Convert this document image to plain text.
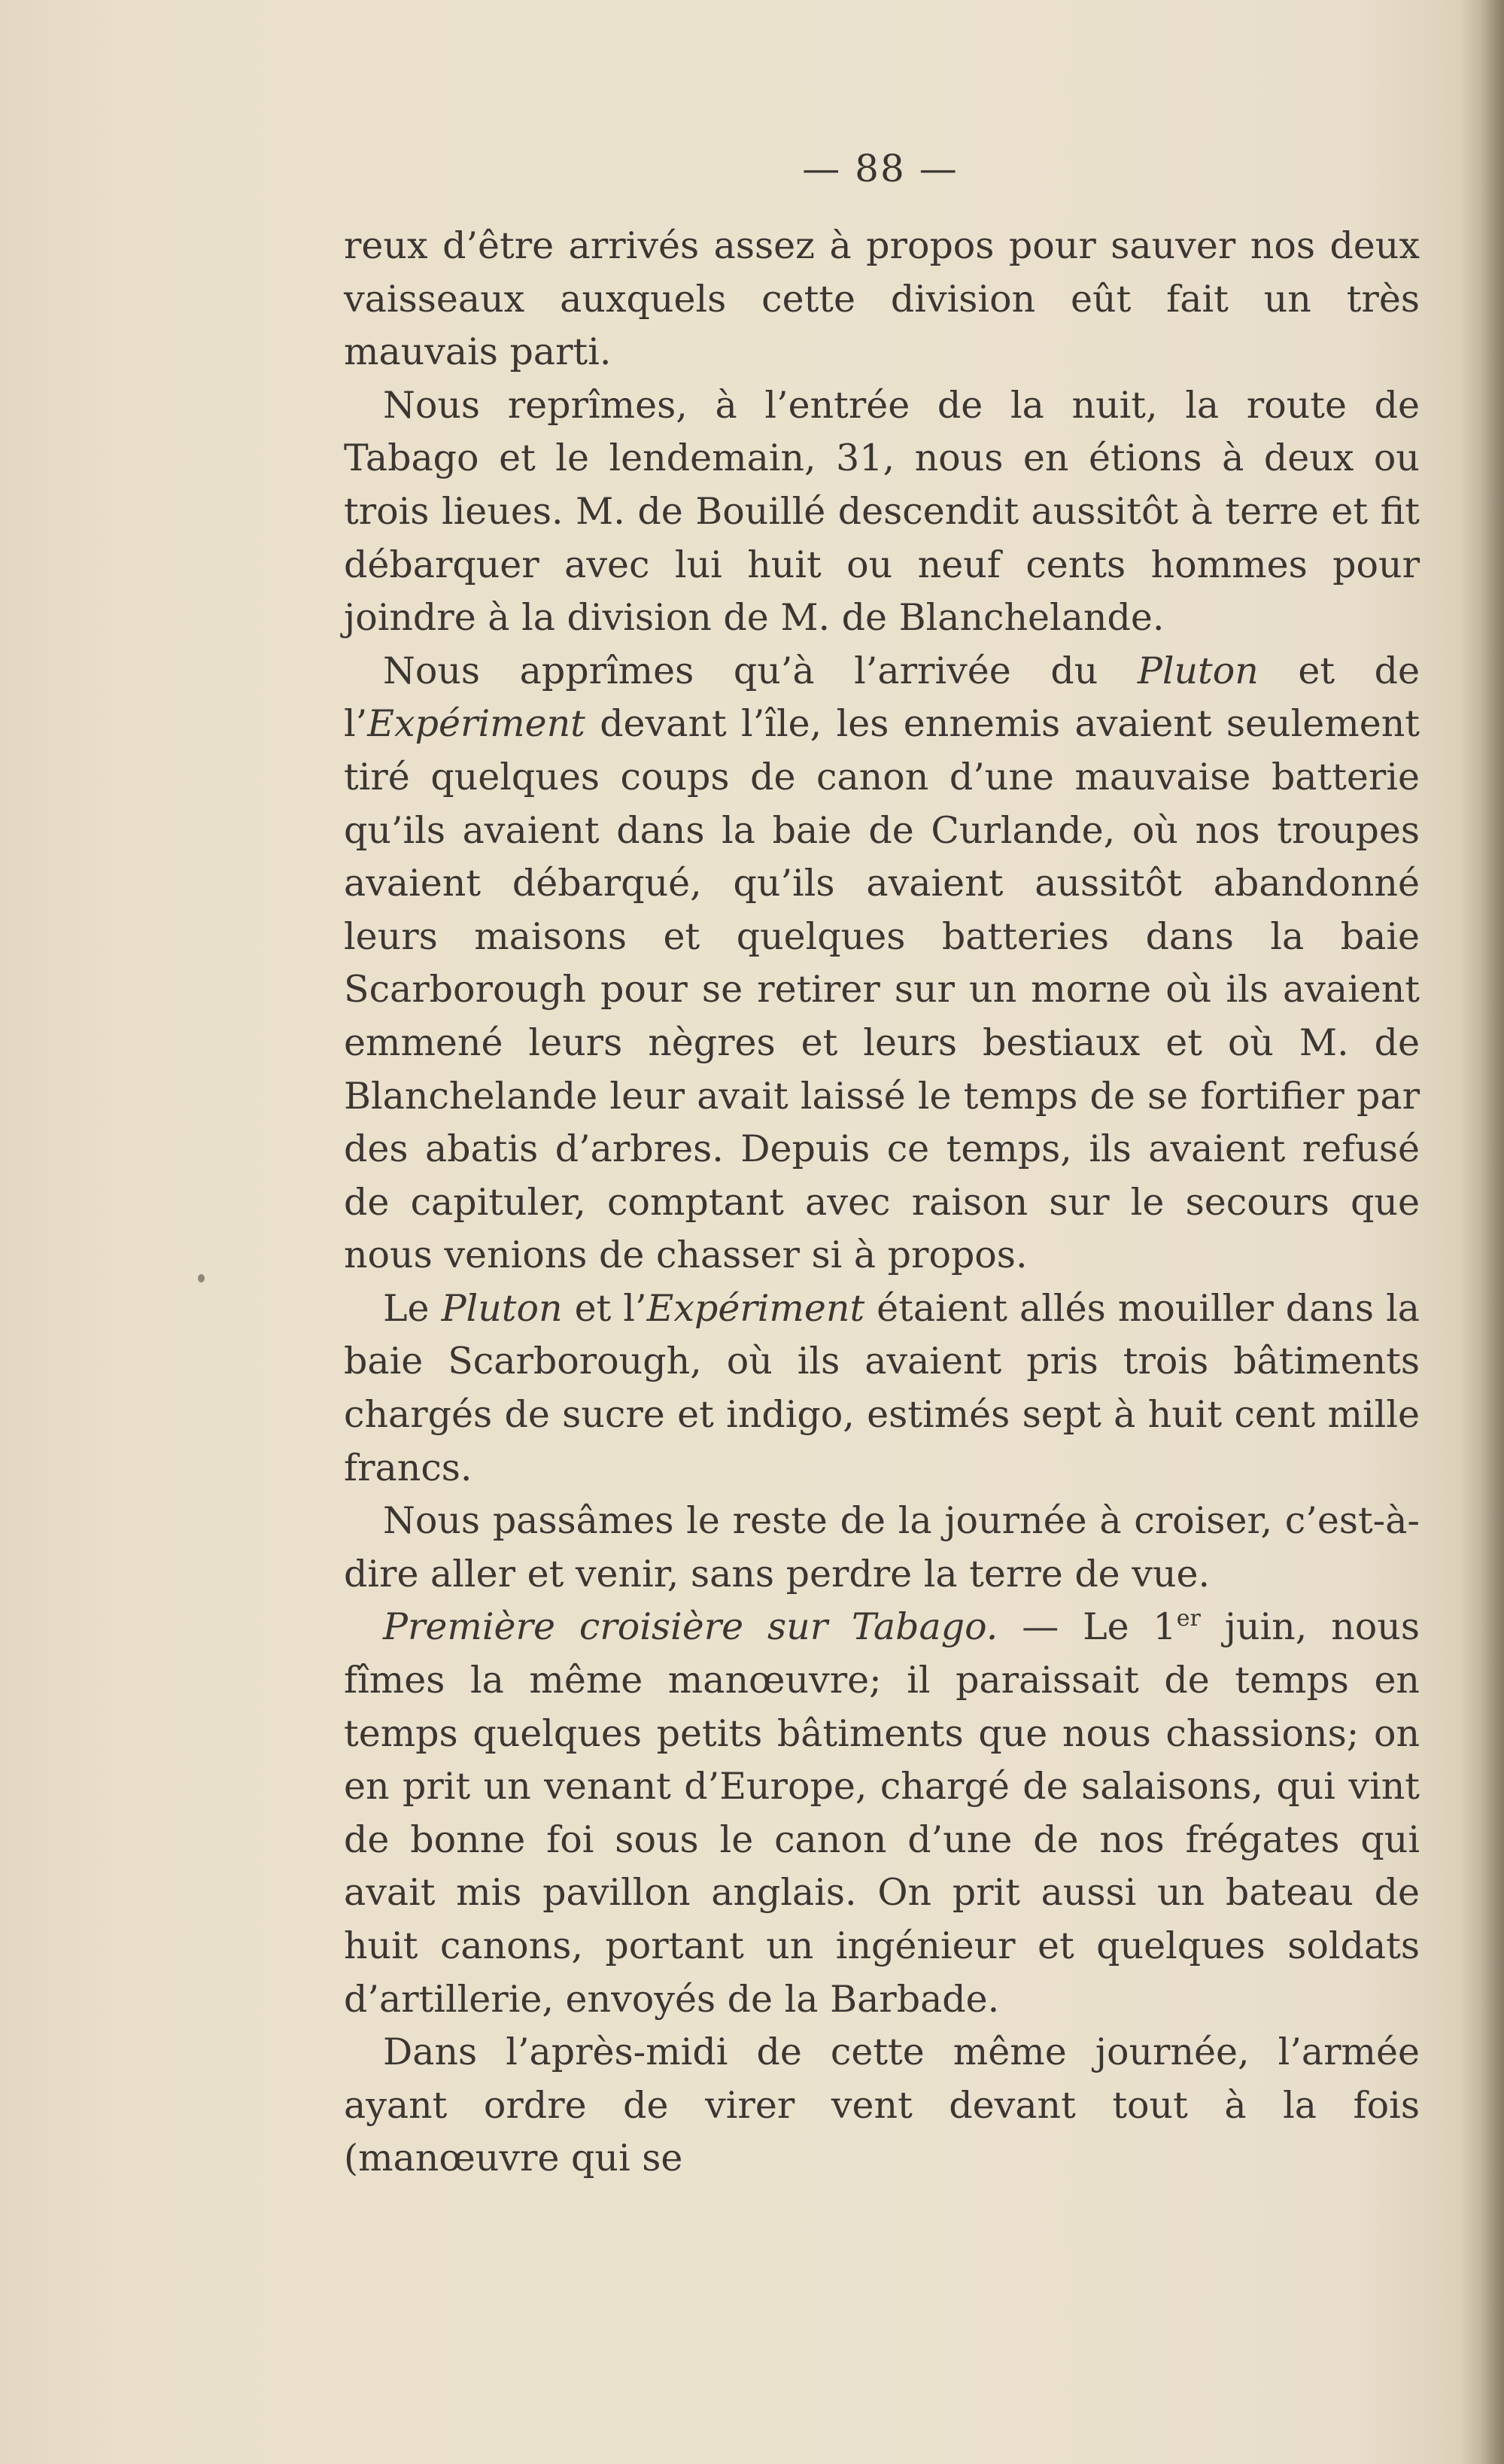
— 88 —

reux d’être arrivés assez à propos pour sauver nos deux vaisseaux auxquels cette division eût fait un très mauvais parti.

Nous reprîmes, à l’entrée de la nuit, la route de Tabago et le lendemain, 31, nous en étions à deux ou trois lieues. M. de Bouillé descendit aussitôt à terre et fit débarquer avec lui huit ou neuf cents hommes pour joindre à la division de M. de Blanchelande.

Nous apprîmes qu’à l’arrivée du Pluton et de l’Expériment devant l’île, les ennemis avaient seulement tiré quelques coups de canon d’une mauvaise batterie qu’ils avaient dans la baie de Curlande, où nos troupes avaient débarqué, qu’ils avaient aussitôt abandonné leurs maisons et quelques batteries dans la baie Scarborough pour se retirer sur un morne où ils avaient emmené leurs nègres et leurs bestiaux et où M. de Blanchelande leur avait laissé le temps de se fortifier par des abatis d’arbres. Depuis ce temps, ils avaient refusé de capituler, comptant avec raison sur le secours que nous venions de chasser si à propos.

Le Pluton et l’Expériment étaient allés mouiller dans la baie Scarborough, où ils avaient pris trois bâtiments chargés de sucre et indigo, estimés sept à huit cent mille francs.

Nous passâmes le reste de la journée à croiser, c’est-à-dire aller et venir, sans perdre la terre de vue.

Première croisière sur Tabago. — Le 1er juin, nous fîmes la même manœuvre; il paraissait de temps en temps quelques petits bâtiments que nous chassions; on en prit un venant d’Europe, chargé de salaisons, qui vint de bonne foi sous le canon d’une de nos frégates qui avait mis pavillon anglais. On prit aussi un bateau de huit canons, portant un ingénieur et quelques soldats d’artillerie, envoyés de la Barbade.

Dans l’après-midi de cette même journée, l’armée ayant ordre de virer vent devant tout à la fois (manœuvre qui se
